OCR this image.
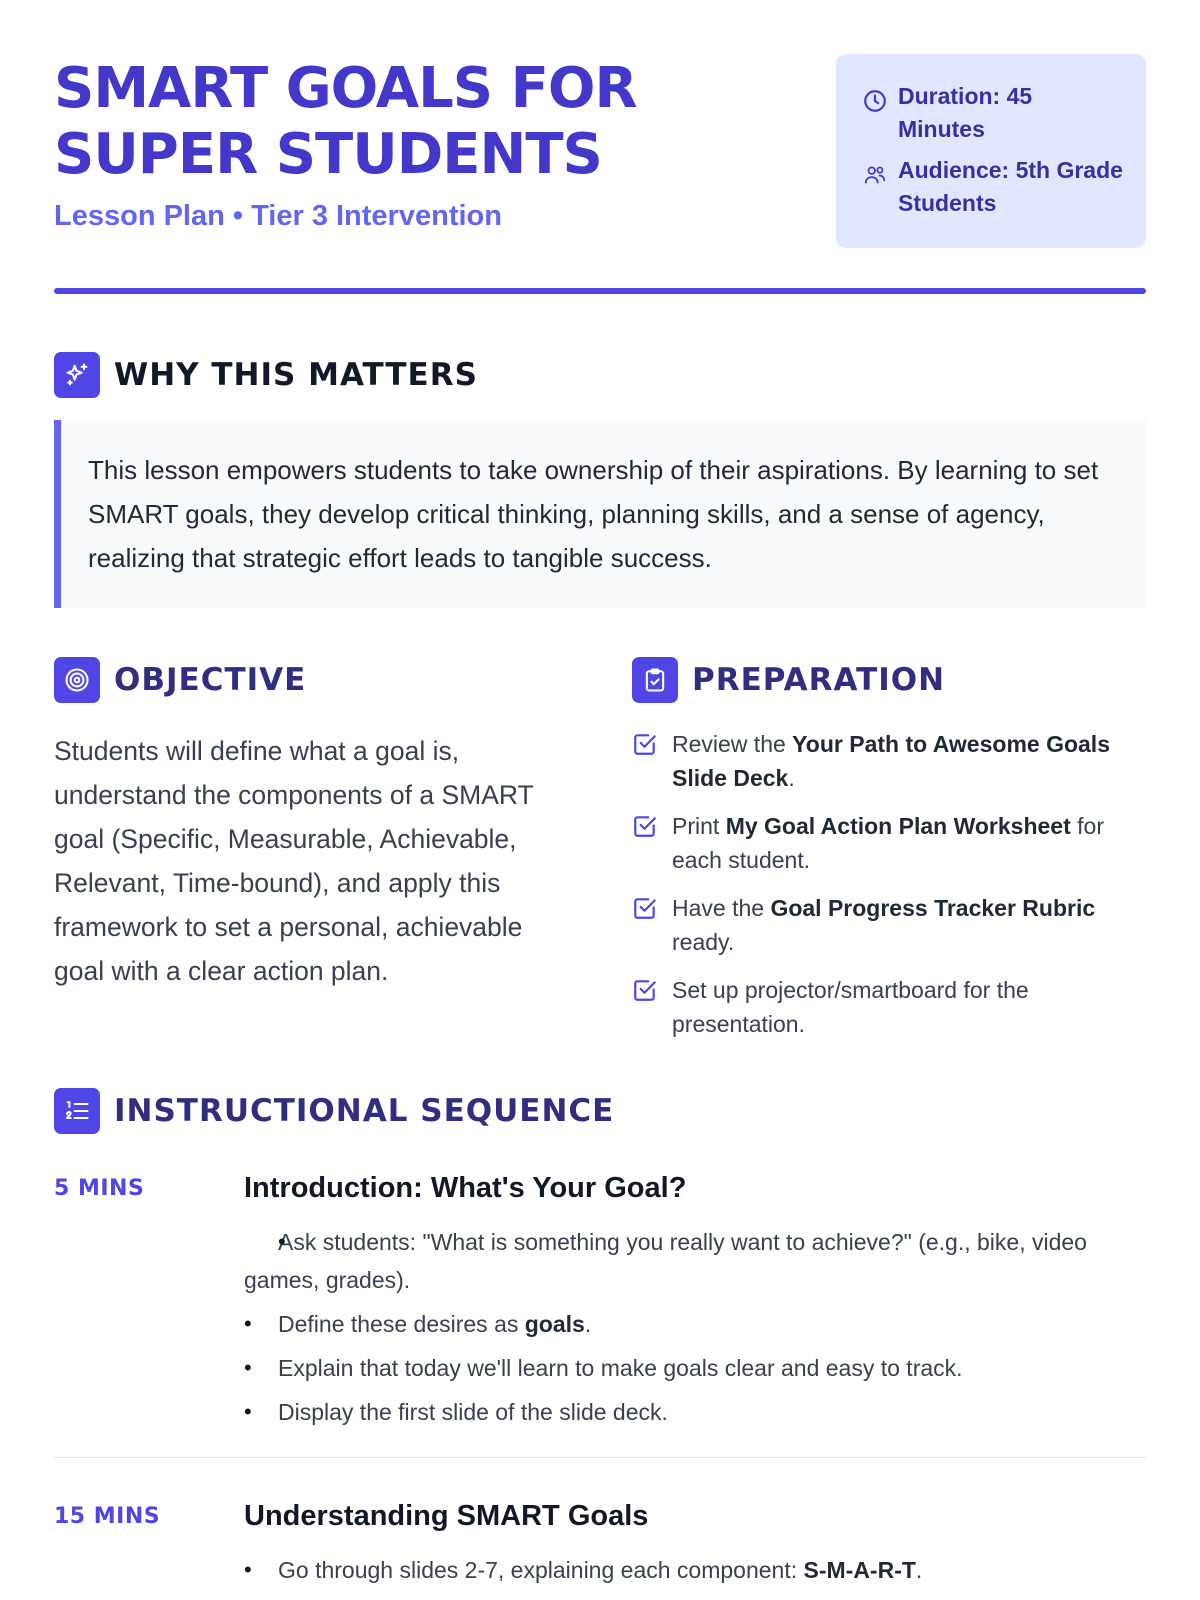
SMART GOALS FOR
SUPER STUDENTS
Lesson Plan • Tier 3 Intervention
Duration: 45 Minutes
Audience: 5th Grade Students
WHY THIS MATTERS
This lesson empowers students to take ownership of their aspirations. By learning to set SMART goals, they develop critical thinking, planning skills, and a sense of agency, realizing that strategic effort leads to tangible success.
OBJECTIVE

Students will define what a goal is, understand the components of a SMART goal (Specific, Measurable, Achievable, Relevant, Time-bound), and apply this framework to set a personal, achievable goal with a clear action plan.

PREPARATION
Review the Your Path to Awesome Goals Slide Deck.
Print My Goal Action Plan Worksheet for each student.
Have the Goal Progress Tracker Rubric ready.
Set up projector/smartboard for the presentation.
INSTRUCTIONAL SEQUENCE
5 MINS	Introduction: What's Your Goal?
• Ask students: "What is something you really want to achieve?" (e.g., bike, video games, grades).
• Define these desires as goals.
• Explain that today we'll learn to make goals clear and easy to track.
• Display the first slide of the slide deck.
15 MINS	Understanding SMART Goals
• Go through slides 2-7, explaining each component: S-M-A-R-T.
